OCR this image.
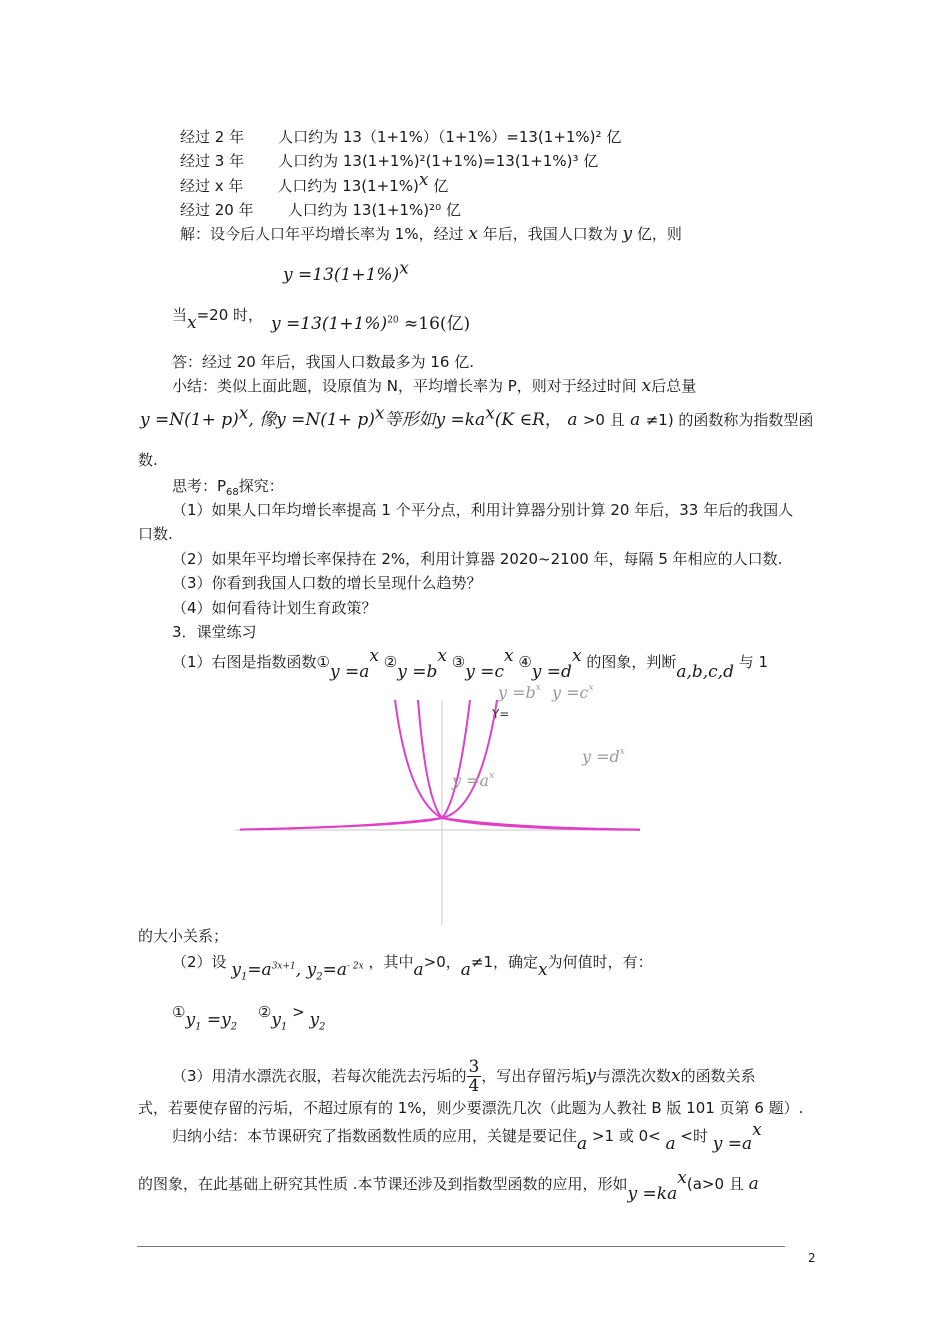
经过 2 年 人口约为 13（1+1%）（1+1%）=13(1+1%)² 亿
经过 3 年 人口约为 13(1+1%)²(1+1%)=13(1+1%)³ 亿
经过 x 年 人口约为 $13(1+1\%)^x$ 亿
经过 20 年 人口约为 13(1+1%)²⁰ 亿
解：设今后人口年平均增长率为 1%，经过 x 年后，我国人口数为 y 亿，则
$y =13(1+1\%)^x$
当x=20 时， $y =13(1+1\%)^{20} \approx 16$(亿)
答：经过 20 年后，我国人口数最多为 16 亿.
小结：类似上面此题，设原值为 N，平均增长率为 P，则对于经过时间 x后总量
$y =N(1+ p)^x$, 像$y =N(1+ p)^x$等形如$y =ka^x(K$ ∈R， a >0 且 a ≠1) 的函数称为指数型函
数.
思考：$P_{68}$探究：
（1）如果人口年均增长率提高 1 个平分点，利用计算器分别计算 20 年后，33 年后的我国人
口数.
（2）如果年平均增长率保持在 2%，利用计算器 2020~2100 年，每隔 5 年相应的人口数.
（3）你看到我国人口数的增长呈现什么趋势？
（4）如何看待计划生育政策？
3．课堂练习
（1）右图是指数函数①y $=a^x$ ②y $=b^x$ ③y $=c^x$ ④y $=d^x$ 的图象，判断a,b,c,d 与 1
$y =b^x$ $y =c^x$
Y=
$y =d^x$
$y =a^x$
的大小关系；
（2）设 $y_1=a^{3x+1}$, $y_2=a^{- 2x}$ ，其中a>0，a≠1，确定x为何值时，有：
$①y_1 =y_2$ $②y_1 > y_2$
（3）用清水漂洗衣服，若每次能洗去污垢的 $\frac{3}{4}$ ，写出存留污垢y与漂洗次数x的函数关系
式，若要使存留的污垢，不超过原有的 1%，则少要漂洗几次（此题为人教社 B 版 101 页第 6 题）.
归纳小结：本节课研究了指数函数性质的应用，关键是要记住a >1 或 0< a <时 $y =a^x$
的图象，在此基础上研究其性质 .本节课还涉及到指数型函数的应用，形如$y =ka^x(a>0$ 且 a
2
